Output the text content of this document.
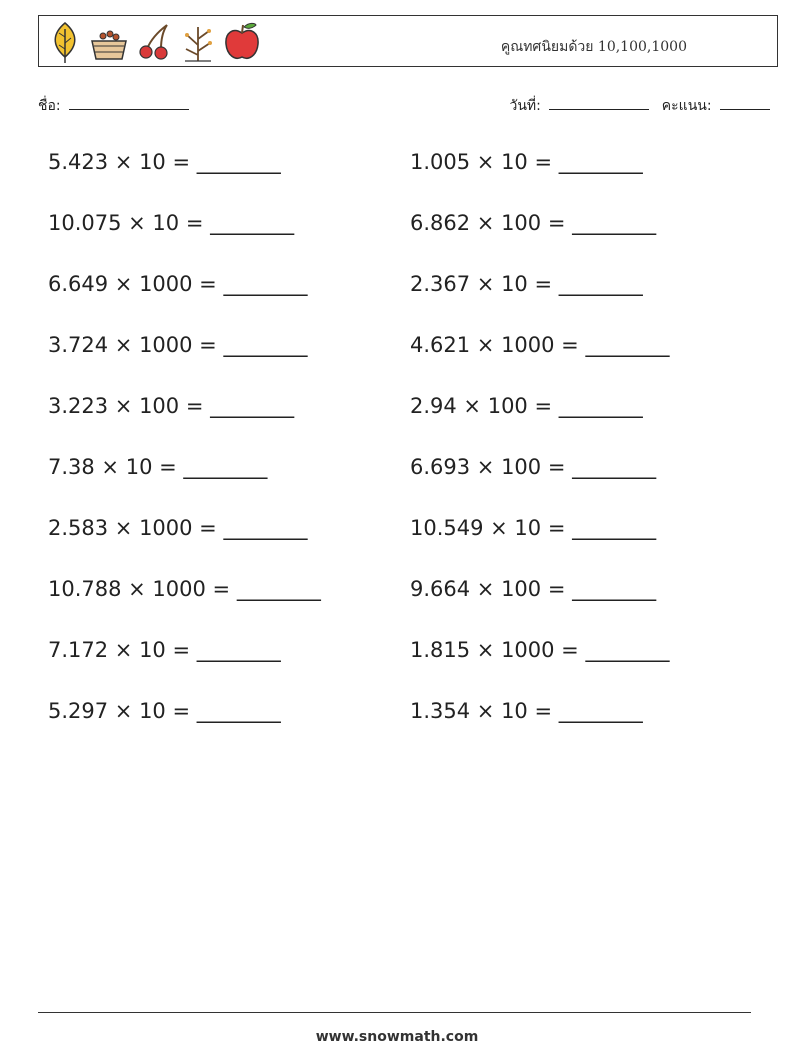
คูณทศนิยมด้วย 10,100,1000
ชื่อ:	วันที่:	คะแนน:
5.423 × 10 = ________
10.075 × 10 = ________
6.649 × 1000 = ________
3.724 × 1000 = ________
3.223 × 100 = ________
7.38 × 10 = ________
2.583 × 1000 = ________
10.788 × 1000 = ________
7.172 × 10 = ________
5.297 × 10 = ________
1.005 × 10 = ________
6.862 × 100 = ________
2.367 × 10 = ________
4.621 × 1000 = ________
2.94 × 100 = ________
6.693 × 100 = ________
10.549 × 10 = ________
9.664 × 100 = ________
1.815 × 1000 = ________
1.354 × 10 = ________
www.snowmath.com
